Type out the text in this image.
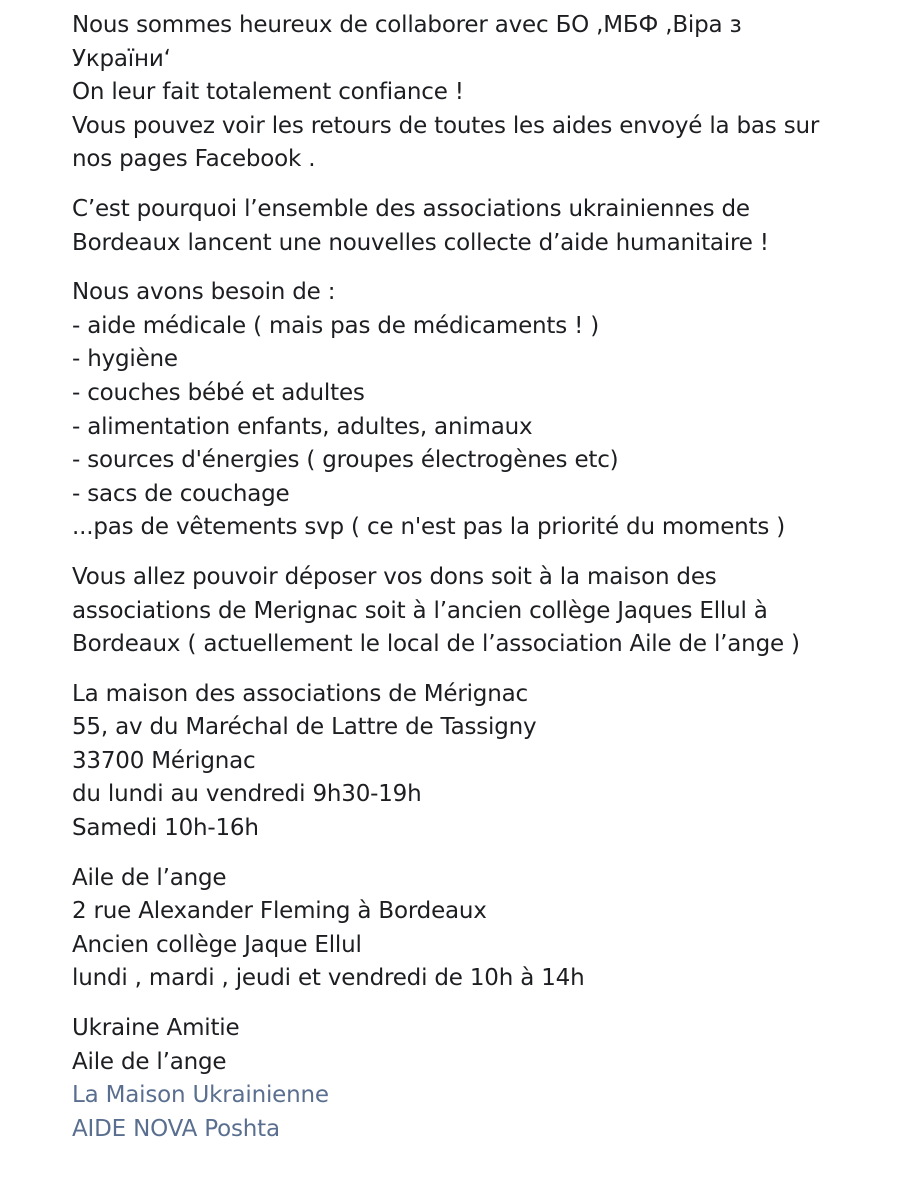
Nous sommes heureux de collaborer avec БО ,МБФ ,Віра з Україниʻ
On leur fait totalement confiance !
Vous pouvez voir les retours de toutes les aides envoyé la bas sur nos pages Facebook .
C’est pourquoi l’ensemble des associations ukrainiennes de Bordeaux lancent une nouvelles collecte d’aide humanitaire !
Nous avons besoin de :
- aide médicale ( mais pas de médicaments ! )
- hygiène
- couches bébé et adultes
- alimentation enfants, adultes, animaux
- sources d'énergies ( groupes électrogènes etc)
- sacs de couchage
...pas de vêtements svp ( ce n'est pas la priorité du moments )
Vous allez pouvoir déposer vos dons soit à la maison des associations de Merignac soit à l’ancien collège Jaques Ellul à Bordeaux ( actuellement le local de l’association Aile de l’ange )
La maison des associations de Mérignac
55, av du Maréchal de Lattre de Tassigny
33700 Mérignac
du lundi au vendredi 9h30-19h
Samedi 10h-16h
Aile de l’ange
2 rue Alexander Fleming à Bordeaux
Ancien collège Jaque Ellul
lundi , mardi , jeudi et vendredi de 10h à 14h
Ukraine Amitie
Aile de l’ange
La Maison Ukrainienne
AIDE NOVA Poshta
